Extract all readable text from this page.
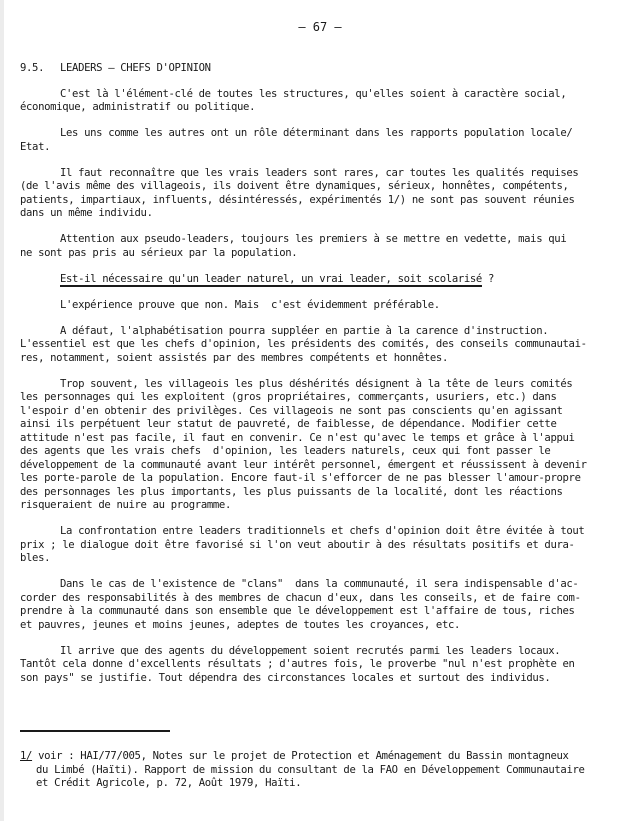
– 67 –
9.5. LEADERS – CHEFS D'OPINION

C'est là l'élément-clé de toutes les structures, qu'elles soient à caractère social,
économique, administratif ou politique.

Les uns comme les autres ont un rôle déterminant dans les rapports population locale/
Etat.

Il faut reconnaître que les vrais leaders sont rares, car toutes les qualités requises
(de l'avis même des villageois, ils doivent être dynamiques, sérieux, honnêtes, compétents,
patients, impartiaux, influents, désintéressés, expérimentés 1/) ne sont pas souvent réunies
dans un même individu.

Attention aux pseudo-leaders, toujours les premiers à se mettre en vedette, mais qui
ne sont pas pris au sérieux par la population.

Est-il nécessaire qu'un leader naturel, un vrai leader, soit scolarisé ?

L'expérience prouve que non. Mais  c'est évidemment préférable.

A défaut, l'alphabétisation pourra suppléer en partie à la carence d'instruction.
L'essentiel est que les chefs d'opinion, les présidents des comités, des conseils communautai-
res, notamment, soient assistés par des membres compétents et honnêtes.

Trop souvent, les villageois les plus déshérités désignent à la tête de leurs comités
les personnages qui les exploitent (gros propriétaires, commerçants, usuriers, etc.) dans
l'espoir d'en obtenir des privilèges. Ces villageois ne sont pas conscients qu'en agissant
ainsi ils perpétuent leur statut de pauvreté, de faiblesse, de dépendance. Modifier cette
attitude n'est pas facile, il faut en convenir. Ce n'est qu'avec le temps et grâce à l'appui
des agents que les vrais chefs  d'opinion, les leaders naturels, ceux qui font passer le
développement de la communauté avant leur intérêt personnel, émergent et réussissent à devenir
les porte-parole de la population. Encore faut-il s'efforcer de ne pas blesser l'amour-propre
des personnages les plus importants, les plus puissants de la localité, dont les réactions
risqueraient de nuire au programme.

La confrontation entre leaders traditionnels et chefs d'opinion doit être évitée à tout
prix ; le dialogue doit être favorisé si l'on veut aboutir à des résultats positifs et dura-
bles.

Dans le cas de l'existence de "clans"  dans la communauté, il sera indispensable d'ac-
corder des responsabilités à des membres de chacun d'eux, dans les conseils, et de faire com-
prendre à la communauté dans son ensemble que le développement est l'affaire de tous, riches
et pauvres, jeunes et moins jeunes, adeptes de toutes les croyances, etc.

Il arrive que des agents du développement soient recrutés parmi les leaders locaux.
Tantôt cela donne d'excellents résultats ; d'autres fois, le proverbe "nul n'est prophète en
son pays" se justifie. Tout dépendra des circonstances locales et surtout des individus.

1/ voir : HAI/77/005, Notes sur le projet de Protection et Aménagement du Bassin montagneux
du Limbé (Haïti). Rapport de mission du consultant de la FAO en Développement Communautaire
et Crédit Agricole, p. 72, Août 1979, Haïti.
